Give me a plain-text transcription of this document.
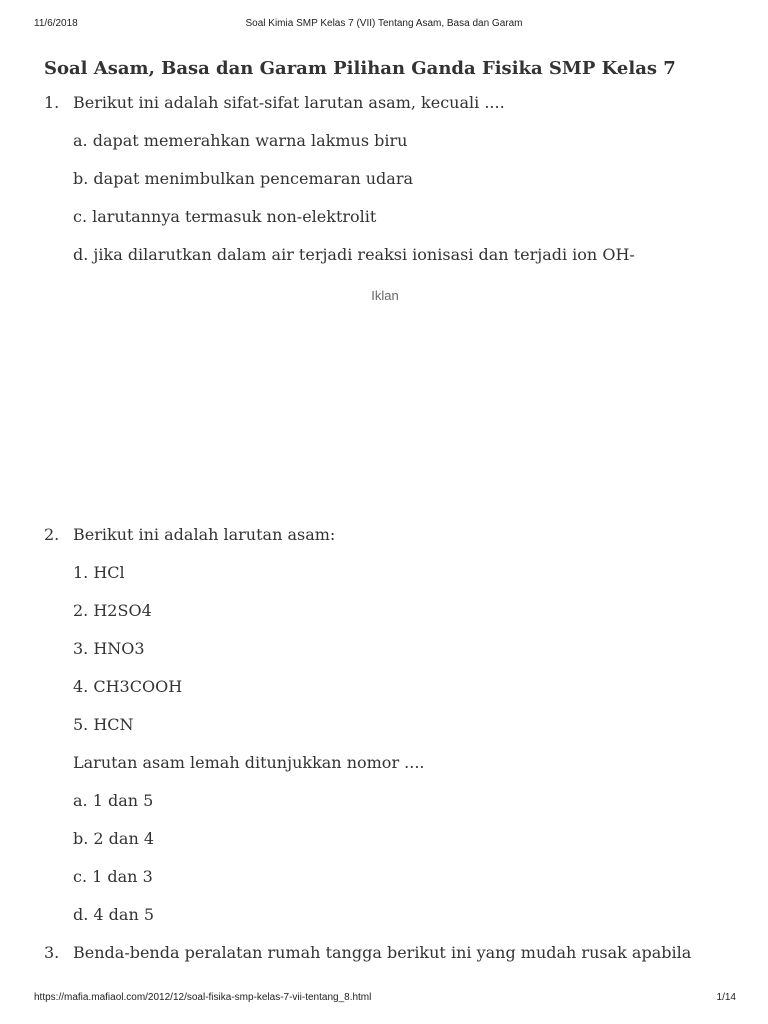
11/6/2018	Soal Kimia SMP Kelas 7 (VII) Tentang Asam, Basa dan Garam
Soal Asam, Basa dan Garam Pilihan Ganda Fisika SMP Kelas 7
1. Berikut ini adalah sifat-sifat larutan asam, kecuali ....
a. dapat memerahkan warna lakmus biru
b. dapat menimbulkan pencemaran udara
c. larutannya termasuk non-elektrolit
d. jika dilarutkan dalam air terjadi reaksi ionisasi dan terjadi ion OH-
Iklan
2. Berikut ini adalah larutan asam:
1. HCl
2. H2SO4
3. HNO3
4. CH3COOH
5. HCN
Larutan asam lemah ditunjukkan nomor ....
a. 1 dan 5
b. 2 dan 4
c. 1 dan 3
d. 4 dan 5
3. Benda-benda peralatan rumah tangga berikut ini yang mudah rusak apabila
https://mafia.mafiaol.com/2012/12/soal-fisika-smp-kelas-7-vii-tentang_8.html	1/14
